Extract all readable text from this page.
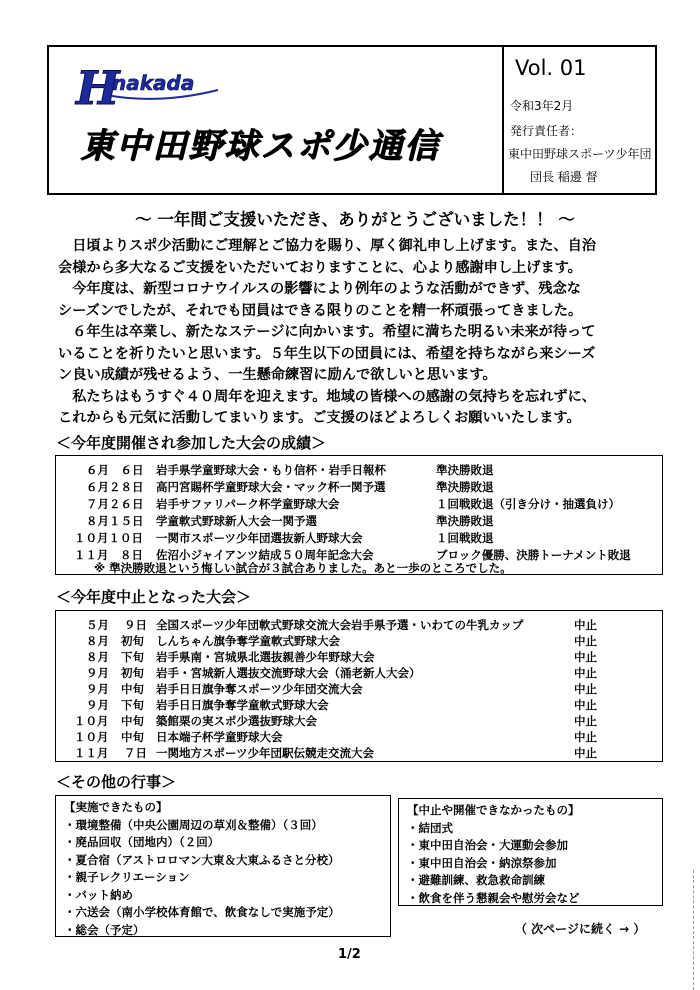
H
nakada
東中田野球スポ少通信
Vol. 01
令和3年2月
発行責任者：
東中田野球スポーツ少年団
団長 稲邊 督
～ 一年間ご支援いただき、ありがとうございました！！ ～

　日頃よりスポ少活動にご理解とご協力を賜り、厚く御礼申し上げます。また、自治

会様から多大なるご支援をいただいておりますことに、心より感謝申し上げます。

　今年度は、新型コロナウイルスの影響により例年のような活動ができず、残念な

シーズンでしたが、それでも団員はできる限りのことを精一杯頑張ってきました。

　６年生は卒業し、新たなステージに向かいます。希望に満ちた明るい未来が待って

いることを祈りたいと思います。５年生以下の団員には、希望を持ちながら来シーズ

ン良い成績が残せるよう、一生懸命練習に励んで欲しいと思います。

　私たちはもうすぐ４０周年を迎えます。地域の皆様への感謝の気持ちを忘れずに、

これからも元気に活動してまいります。ご支援のほどよろしくお願いいたします。

＜今年度開催され参加した大会の成績＞
６月　６日 岩手県学童野球大会・もり信杯・岩手日報杯	準決勝敗退
６月２８日 高円宮賜杯学童野球大会・マック杯一関予選	準決勝敗退
７月２６日 岩手サファリパーク杯学童野球大会	１回戦敗退（引き分け・抽選負け）
８月１５日 学童軟式野球新人大会一関予選	準決勝敗退
１０月１０日 一関市スポーツ少年団選抜新人野球大会	１回戦敗退
１１月　８日 佐沼小ジャイアンツ結成５０周年記念大会	ブロック優勝、決勝トーナメント敗退
※ 準決勝敗退という悔しい試合が３試合ありました。あと一歩のところでした。
＜今年度中止となった大会＞
５月 ９日 全国スポーツ少年団軟式野球交流大会岩手県予選・いわての牛乳カップ	中止
８月 初旬 しんちゃん旗争奪学童軟式野球大会	中止
８月 下旬 岩手県南・宮城県北選抜親善少年野球大会	中止
９月 初旬 岩手・宮城新人選抜交流野球大会（涌老新人大会）	中止
９月 中旬 岩手日日旗争奪スポーツ少年団交流大会	中止
９月 下旬 岩手日日旗争奪学童軟式野球大会	中止
１０月 中旬 築館栗の実スポ少選抜野球大会	中止
１０月 中旬 日本端子杯学童野球大会	中止
１１月 ７日 一関地方スポーツ少年団駅伝競走交流大会	中止
＜その他の行事＞
【実施できたもの】
・環境整備（中央公園周辺の草刈＆整備）（３回）
・廃品回収（団地内）（２回）
・夏合宿（アストロロマン大東＆大東ふるさと分校）
・親子レクリエーション
・バット納め
・六送会（南小学校体育館で、飲食なしで実施予定）
・総会（予定）
【中止や開催できなかったもの】
・結団式
・東中田自治会・大運動会参加
・東中田自治会・納涼祭参加
・避難訓練、救急救命訓練
・飲食を伴う懇親会や慰労会など
（ 次ページに続く → ）
1/2
